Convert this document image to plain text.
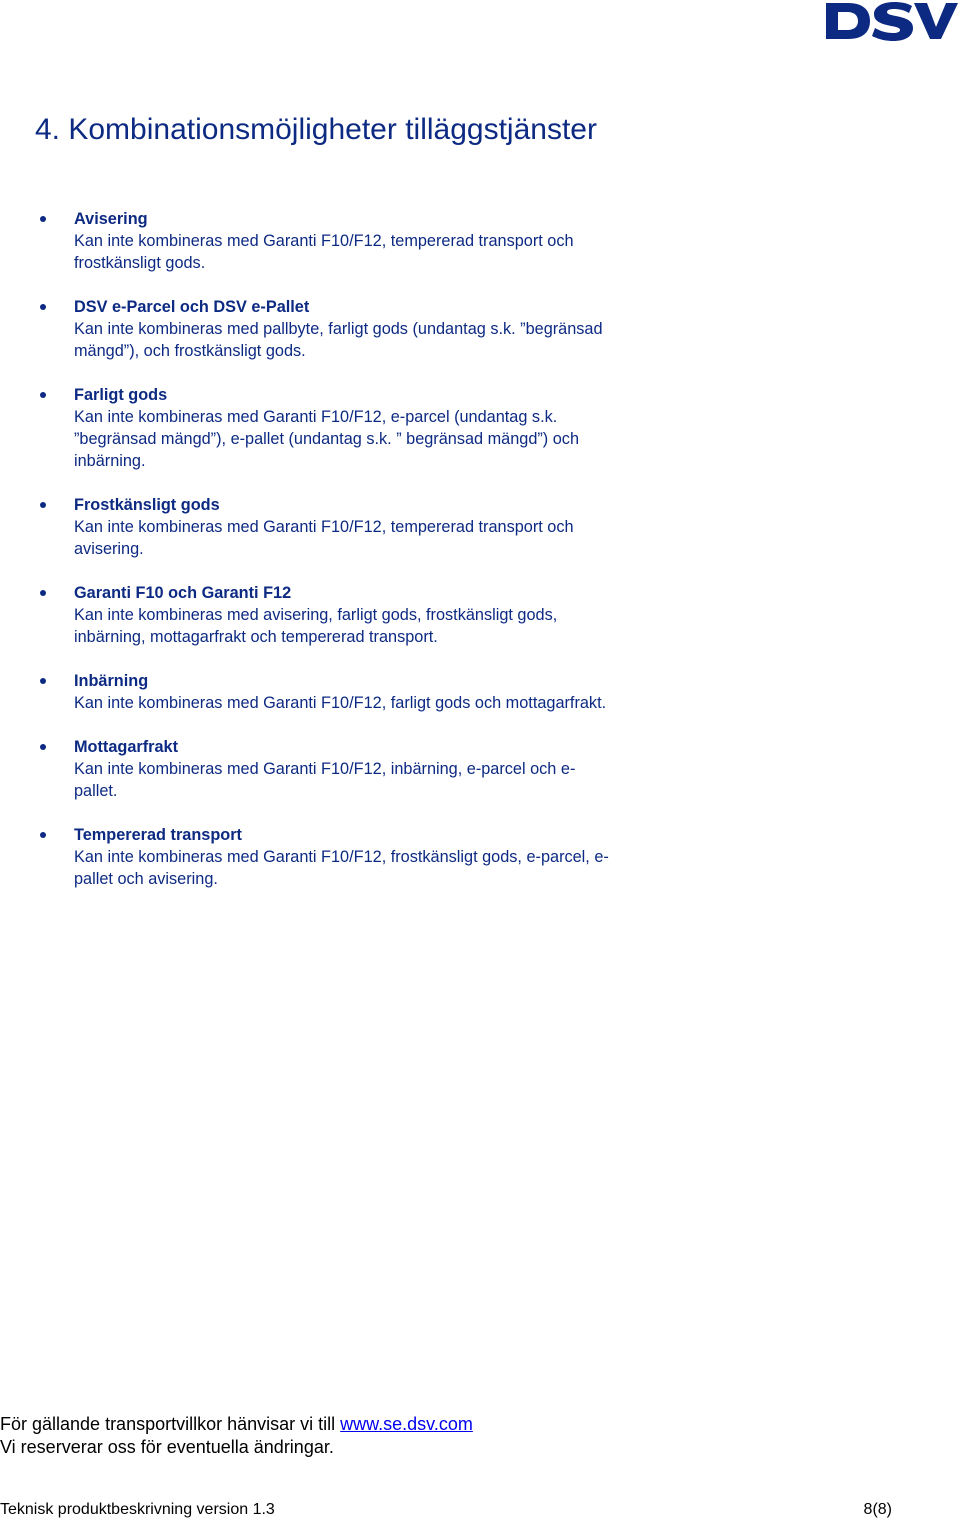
4. Kombinationsmöjligheter tilläggstjänster
Avisering
Kan inte kombineras med Garanti F10/F12, tempererad transport och frostkänsligt gods.
DSV e-Parcel och DSV e-Pallet
Kan inte kombineras med pallbyte, farligt gods (undantag s.k. ”begränsad mängd”), och frostkänsligt gods.
Farligt gods
Kan inte kombineras med Garanti F10/F12, e-parcel (undantag s.k. ”begränsad mängd”), e-pallet (undantag s.k. ” begränsad mängd”) och inbärning.
Frostkänsligt gods
Kan inte kombineras med Garanti F10/F12, tempererad transport och avisering.
Garanti F10 och Garanti F12
Kan inte kombineras med avisering, farligt gods, frostkänsligt gods, inbärning, mottagarfrakt och tempererad transport.
Inbärning
Kan inte kombineras med Garanti F10/F12, farligt gods och mottagarfrakt.
Mottagarfrakt
Kan inte kombineras med Garanti F10/F12, inbärning, e-parcel och e-pallet.
Tempererad transport
Kan inte kombineras med Garanti F10/F12, frostkänsligt gods, e-parcel, e-pallet och avisering.
För gällande transportvillkor hänvisar vi till www.se.dsv.com
Vi reserverar oss för eventuella ändringar.
Teknisk produktbeskrivning version 1.3	8(8)
